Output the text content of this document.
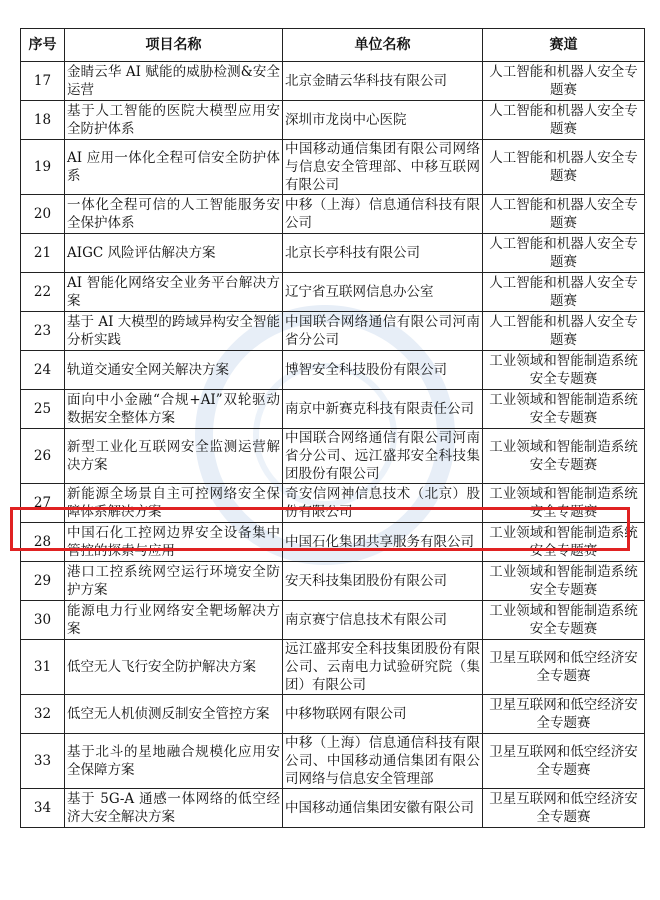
序号	项目名称	单位名称	赛道
17	金睛云华 AI 赋能的威胁检测&安全运营	北京金睛云华科技有限公司	人工智能和机器人安全专题赛
18	基于人工智能的医院大模型应用安全防护体系	深圳市龙岗中心医院	人工智能和机器人安全专题赛
19	AI 应用一体化全程可信安全防护体系	中国移动通信集团有限公司网络与信息安全管理部、中移互联网有限公司	人工智能和机器人安全专题赛
20	一体化全程可信的人工智能服务安全保护体系	中移（上海）信息通信科技有限公司	人工智能和机器人安全专题赛
21	AIGC 风险评估解决方案	北京长亭科技有限公司	人工智能和机器人安全专题赛
22	AI 智能化网络安全业务平台解决方案	辽宁省互联网信息办公室	人工智能和机器人安全专题赛
23	基于 AI 大模型的跨域异构安全智能分析实践	中国联合网络通信有限公司河南省分公司	人工智能和机器人安全专题赛
24	轨道交通安全网关解决方案	博智安全科技股份有限公司	工业领域和智能制造系统安全专题赛
25	面向中小金融“合规+AI”双轮驱动数据安全整体方案	南京中新赛克科技有限责任公司	工业领域和智能制造系统安全专题赛
26	新型工业化互联网安全监测运营解决方案	中国联合网络通信有限公司河南省分公司、远江盛邦安全科技集团股份有限公司	工业领域和智能制造系统安全专题赛
27	新能源全场景自主可控网络安全保障体系解决方案	奇安信网神信息技术（北京）股份有限公司	工业领域和智能制造系统安全专题赛
28	中国石化工控网边界安全设备集中管控的探索与应用	中国石化集团共享服务有限公司	工业领域和智能制造系统安全专题赛
29	港口工控系统网空运行环境安全防护方案	安天科技集团股份有限公司	工业领域和智能制造系统安全专题赛
30	能源电力行业网络安全靶场解决方案	南京赛宁信息技术有限公司	工业领域和智能制造系统安全专题赛
31	低空无人飞行安全防护解决方案	远江盛邦安全科技集团股份有限公司、云南电力试验研究院（集团）有限公司	卫星互联网和低空经济安全专题赛
32	低空无人机侦测反制安全管控方案	中移物联网有限公司	卫星互联网和低空经济安全专题赛
33	基于北斗的星地融合规模化应用安全保障方案	中移（上海）信息通信科技有限公司、中国移动通信集团有限公司网络与信息安全管理部	卫星互联网和低空经济安全专题赛
34	基于 5G-A 通感一体网络的低空经济大安全解决方案	中国移动通信集团安徽有限公司	卫星互联网和低空经济安全专题赛
